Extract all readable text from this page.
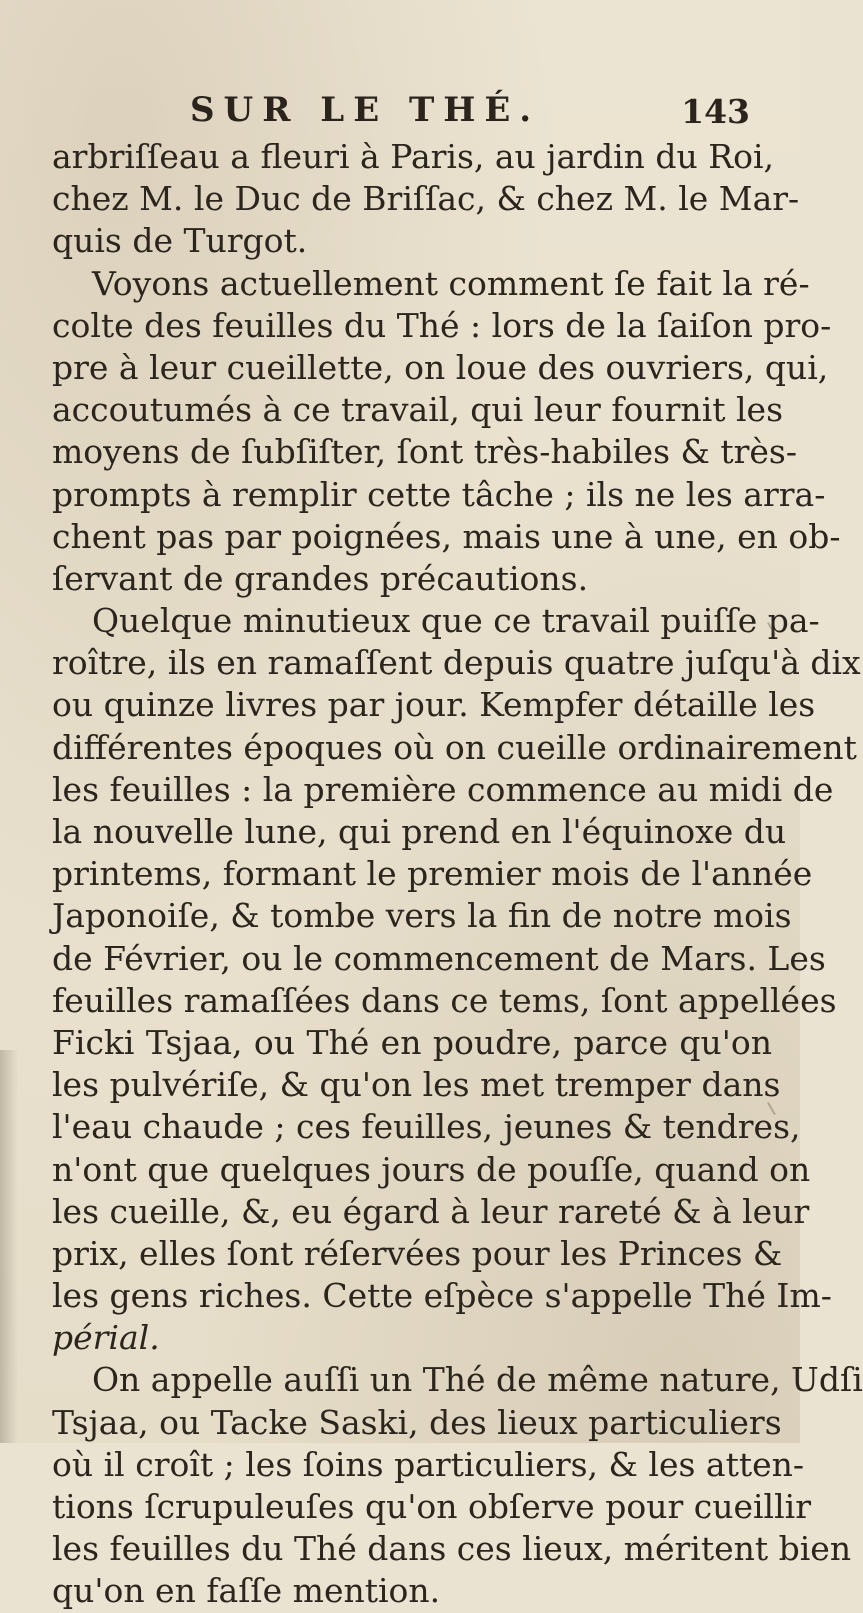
SUR LE THÉ.	143
arbriſſeau a fleuri à Paris, au jardin du Roi,
chez M. le Duc de Briſſac, & chez M. le Mar-
quis de Turgot.
Voyons actuellement comment ſe fait la ré-
colte des feuilles du Thé : lors de la ſaiſon pro-
pre à leur cueillette, on loue des ouvriers, qui,
accoutumés à ce travail, qui leur fournit les
moyens de ſubſiſter, ſont très-habiles & très-
prompts à remplir cette tâche ; ils ne les arra-
chent pas par poignées, mais une à une, en ob-
ſervant de grandes précautions.
Quelque minutieux que ce travail puiſſe pa-
roître, ils en ramaſſent depuis quatre juſqu'à dix
ou quinze livres par jour. Kempfer détaille les
différentes époques où on cueille ordinairement
les feuilles : la première commence au midi de
la nouvelle lune, qui prend en l'équinoxe du
printems, formant le premier mois de l'année
Japonoiſe, & tombe vers la fin de notre mois
de Février, ou le commencement de Mars. Les
feuilles ramaſſées dans ce tems, ſont appellées
Ficki Tsjaa, ou Thé en poudre, parce qu'on
les pulvériſe, & qu'on les met tremper dans
l'eau chaude ; ces feuilles, jeunes & tendres,
n'ont que quelques jours de pouſſe, quand on
les cueille, &, eu égard à leur rareté & à leur
prix, elles ſont réſervées pour les Princes &
les gens riches. Cette eſpèce s'appelle Thé Im-
périal.
On appelle auſſi un Thé de même nature, Udſi
Tsjaa, ou Tacke Saski, des lieux particuliers
où il croît ; les ſoins particuliers, & les atten-
tions ſcrupuleuſes qu'on obſerve pour cueillir
les feuilles du Thé dans ces lieux, méritent bien
qu'on en faſſe mention.
